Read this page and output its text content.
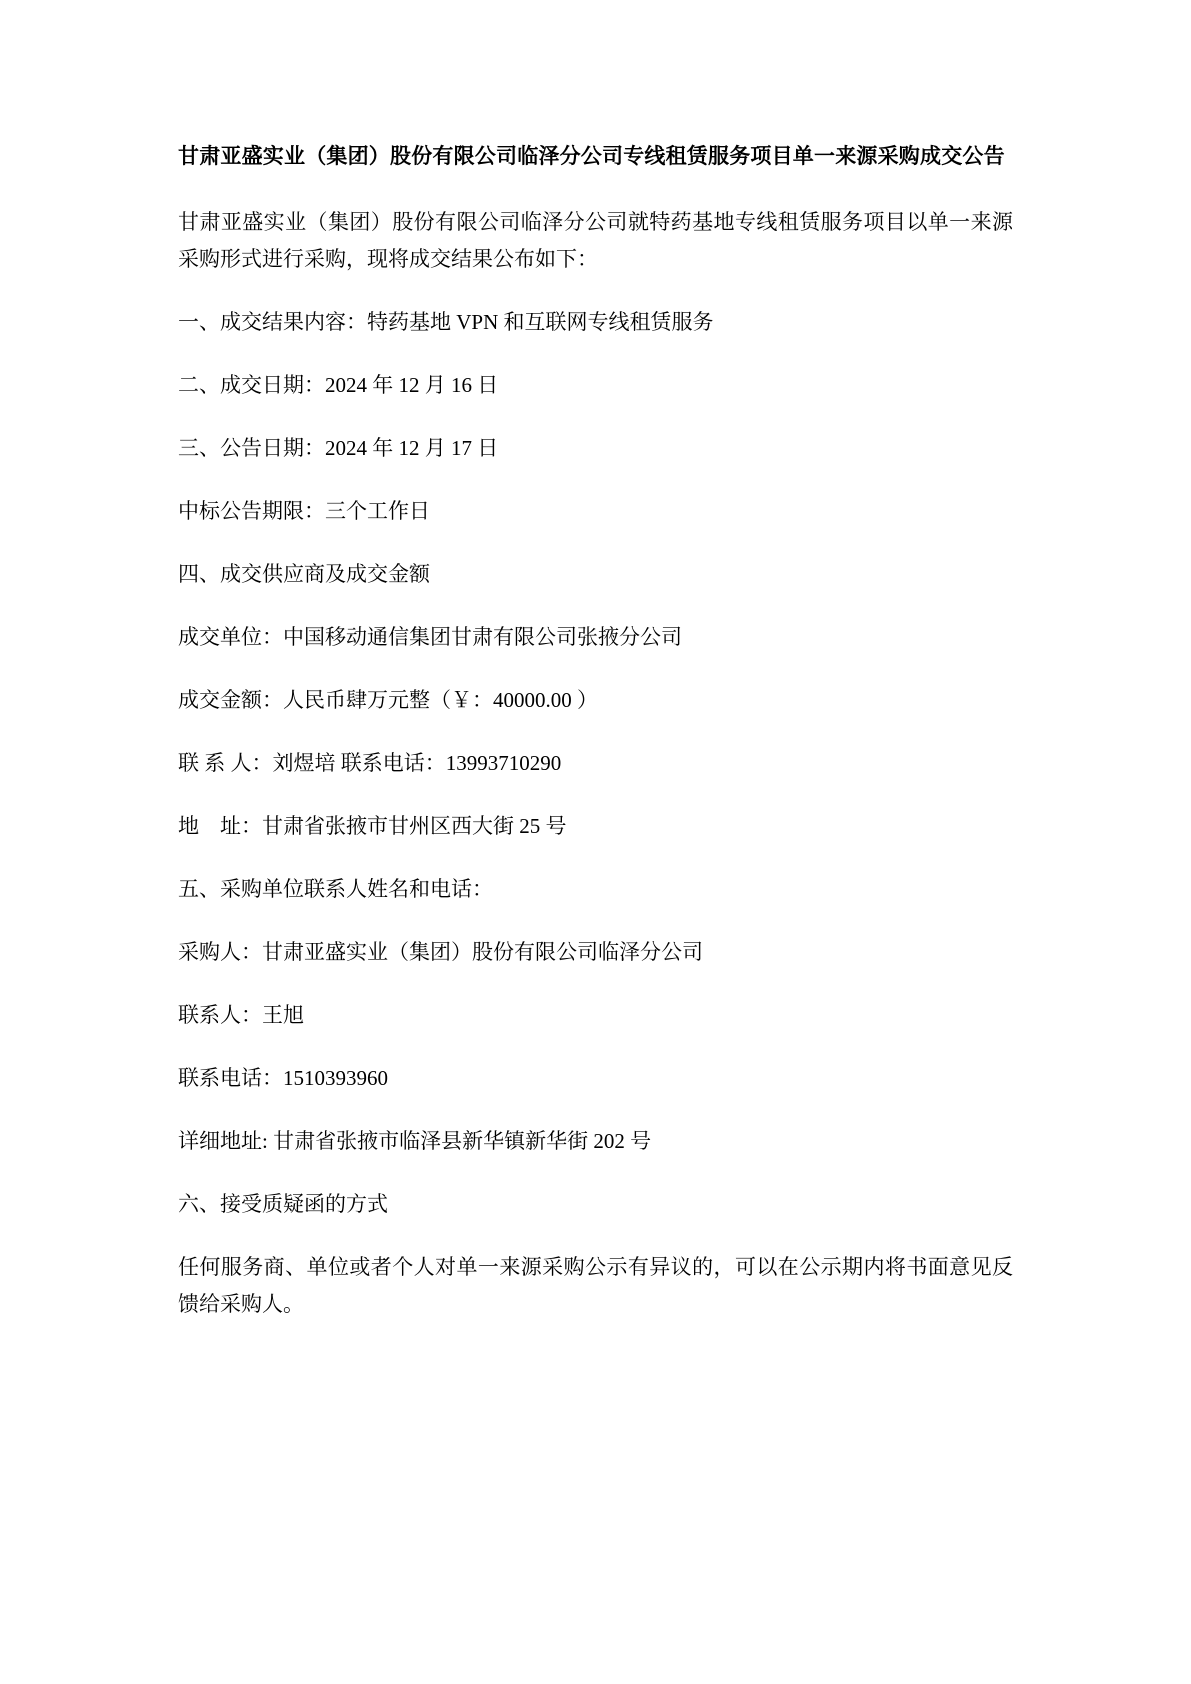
甘肃亚盛实业（集团）股份有限公司临泽分公司专线租赁服务项目单一来源采购成交公告

甘肃亚盛实业（集团）股份有限公司临泽分公司就特药基地专线租赁服务项目以单一来源采购形式进行采购，现将成交结果公布如下：

一、成交结果内容：特药基地 VPN 和互联网专线租赁服务

二、成交日期：2024 年 12 月 16 日

三、公告日期：2024 年 12 月 17 日

中标公告期限：三个工作日

四、成交供应商及成交金额

成交单位：中国移动通信集团甘肃有限公司张掖分公司

成交金额：人民币肆万元整（￥：40000.00 ）

联 系 人：刘煜培 联系电话：13993710290

地　址：甘肃省张掖市甘州区西大街 25 号

五、采购单位联系人姓名和电话：

采购人：甘肃亚盛实业（集团）股份有限公司临泽分公司

联系人：王旭

联系电话：1510393960

详细地址: 甘肃省张掖市临泽县新华镇新华街 202 号

六、接受质疑函的方式

任何服务商、单位或者个人对单一来源采购公示有异议的，可以在公示期内将书面意见反馈给采购人。
